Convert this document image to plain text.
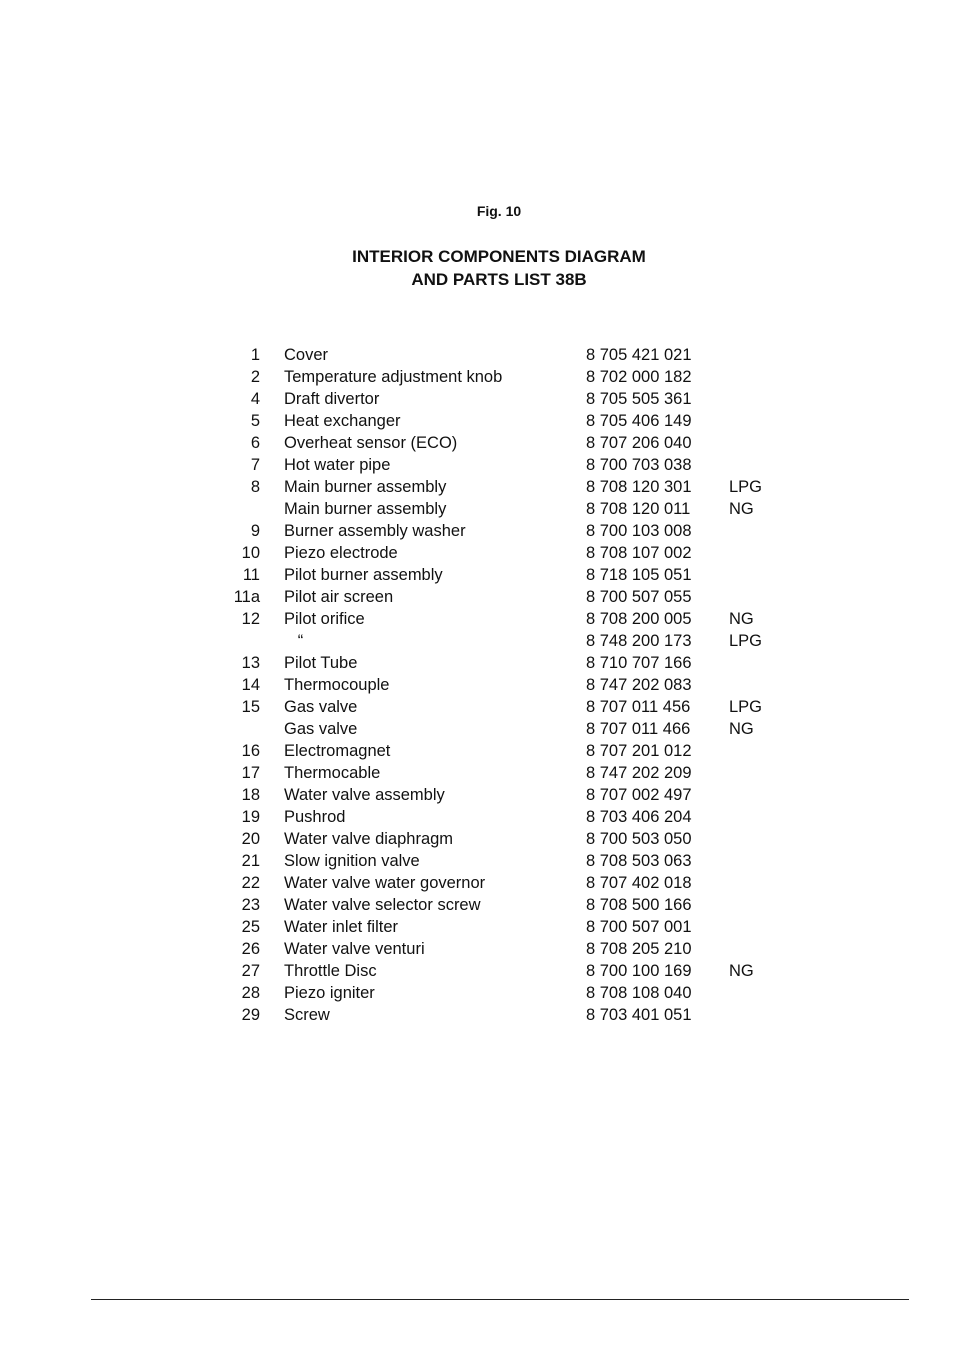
Fig. 10
INTERIOR COMPONENTS DIAGRAM
AND PARTS LIST 38B
1 Cover	8 705 421 021
2 Temperature adjustment knob	8 702 000 182
4 Draft divertor	8 705 505 361
5 Heat exchanger	8 705 406 149
6 Overheat sensor (ECO)	8 707 206 040
7 Hot water pipe	8 700 703 038
8 Main burner assembly	8 708 120 301 LPG
Main burner assembly	8 708 120 011 NG
9 Burner assembly washer	8 700 103 008
10 Piezo electrode	8 708 107 002
11 Pilot burner assembly	8 718 105 051
11a Pilot air screen	8 700 507 055
12 Pilot orifice	8 708 200 005 NG
“	8 748 200 173 LPG
13 Pilot Tube	8 710 707 166
14 Thermocouple	8 747 202 083
15 Gas valve	8 707 011 456 LPG
Gas valve	8 707 011 466 NG
16 Electromagnet	8 707 201 012
17 Thermocable	8 747 202 209
18 Water valve assembly	8 707 002 497
19 Pushrod	8 703 406 204
20 Water valve diaphragm	8 700 503 050
21 Slow ignition valve	8 708 503 063
22 Water valve water governor	8 707 402 018
23 Water valve selector screw	8 708 500 166
25 Water inlet filter	8 700 507 001
26 Water valve venturi	8 708 205 210
27 Throttle Disc	8 700 100 169 NG
28 Piezo igniter	8 708 108 040
29 Screw	8 703 401 051
